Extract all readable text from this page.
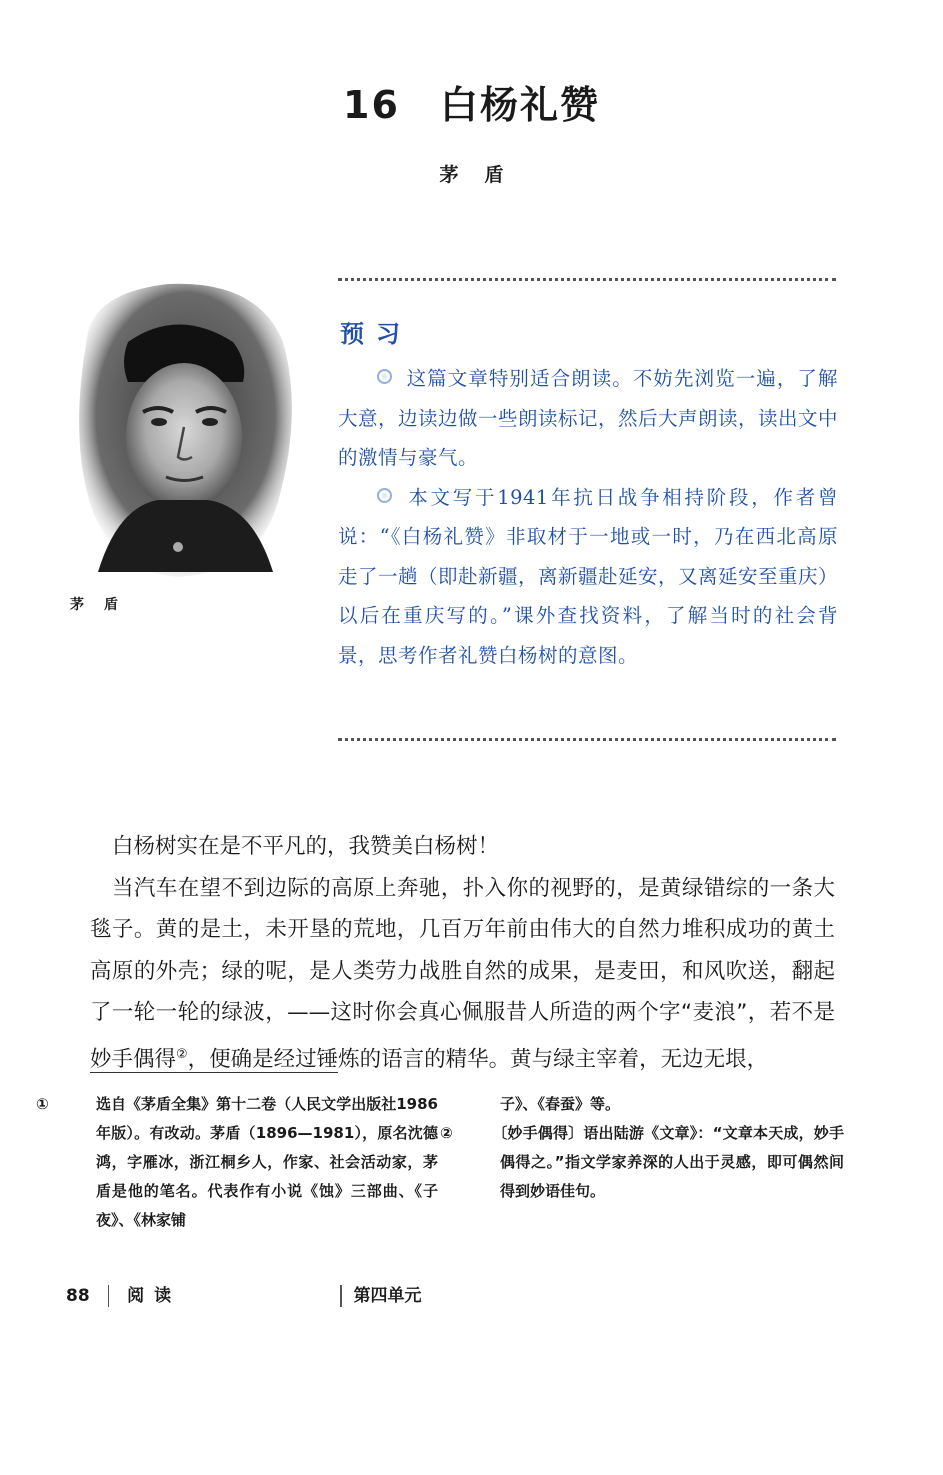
16 白杨礼赞
茅盾
茅盾
预习

这篇文章特别适合朗读。不妨先浏览一遍，了解大意，边读边做一些朗读标记，然后大声朗读，读出文中的激情与豪气。

本文写于1941年抗日战争相持阶段，作者曾说：“《白杨礼赞》非取材于一地或一时，乃在西北高原走了一趟（即赴新疆，离新疆赴延安，又离延安至重庆）以后在重庆写的。”课外查找资料，了解当时的社会背景，思考作者礼赞白杨树的意图。

白杨树实在是不平凡的，我赞美白杨树！

当汽车在望不到边际的高原上奔驰，扑入你的视野的，是黄绿错综的一条大毯子。黄的是土，未开垦的荒地，几百万年前由伟大的自然力堆积成功的黄土高原的外壳；绿的呢，是人类劳力战胜自然的成果，是麦田，和风吹送，翻起了一轮一轮的绿波，——这时你会真心佩服昔人所造的两个字“麦浪”，若不是妙手偶得②，便确是经过锤炼的语言的精华。黄与绿主宰着，无边无垠，

①	选自《茅盾全集》第十二卷（人民文学出版社1986年版）。有改动。茅盾（1896—1981），原名沈德鸿，字雁冰，浙江桐乡人，作家、社会活动家，茅盾是他的笔名。代表作有小说《蚀》三部曲、《子夜》、《林家铺
子》、《春蚕》等。
②	〔妙手偶得〕语出陆游《文章》：“文章本天成，妙手偶得之。”指文学家养深的人出于灵感，即可偶然间得到妙语佳句。
88 阅读	第四单元
